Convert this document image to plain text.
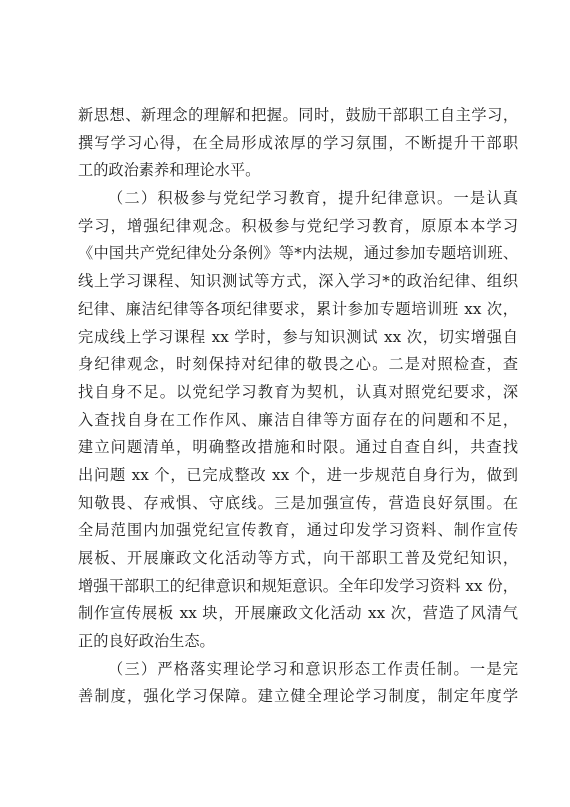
新思想、新理念的理解和把握。同时，鼓励干部职工自主学习，
撰写学习心得，在全局形成浓厚的学习氛围，不断提升干部职
工的政治素养和理论水平。
（二）积极参与党纪学习教育，提升纪律意识。一是认真
学习，增强纪律观念。积极参与党纪学习教育，原原本本学习
《中国共产党纪律处分条例》等*内法规，通过参加专题培训班、
线上学习课程、知识测试等方式，深入学习*的政治纪律、组织
纪律、廉洁纪律等各项纪律要求，累计参加专题培训班 xx 次，
完成线上学习课程 xx 学时，参与知识测试 xx 次，切实增强自
身纪律观念，时刻保持对纪律的敬畏之心。二是对照检查，查
找自身不足。以党纪学习教育为契机，认真对照党纪要求，深
入查找自身在工作作风、廉洁自律等方面存在的问题和不足，
建立问题清单，明确整改措施和时限。通过自查自纠，共查找
出问题 xx 个，已完成整改 xx 个，进一步规范自身行为，做到
知敬畏、存戒惧、守底线。三是加强宣传，营造良好氛围。在
全局范围内加强党纪宣传教育，通过印发学习资料、制作宣传
展板、开展廉政文化活动等方式，向干部职工普及党纪知识，
增强干部职工的纪律意识和规矩意识。全年印发学习资料 xx 份，
制作宣传展板 xx 块，开展廉政文化活动 xx 次，营造了风清气
正的良好政治生态。
（三）严格落实理论学习和意识形态工作责任制。一是完
善制度，强化学习保障。建立健全理论学习制度，制定年度学
